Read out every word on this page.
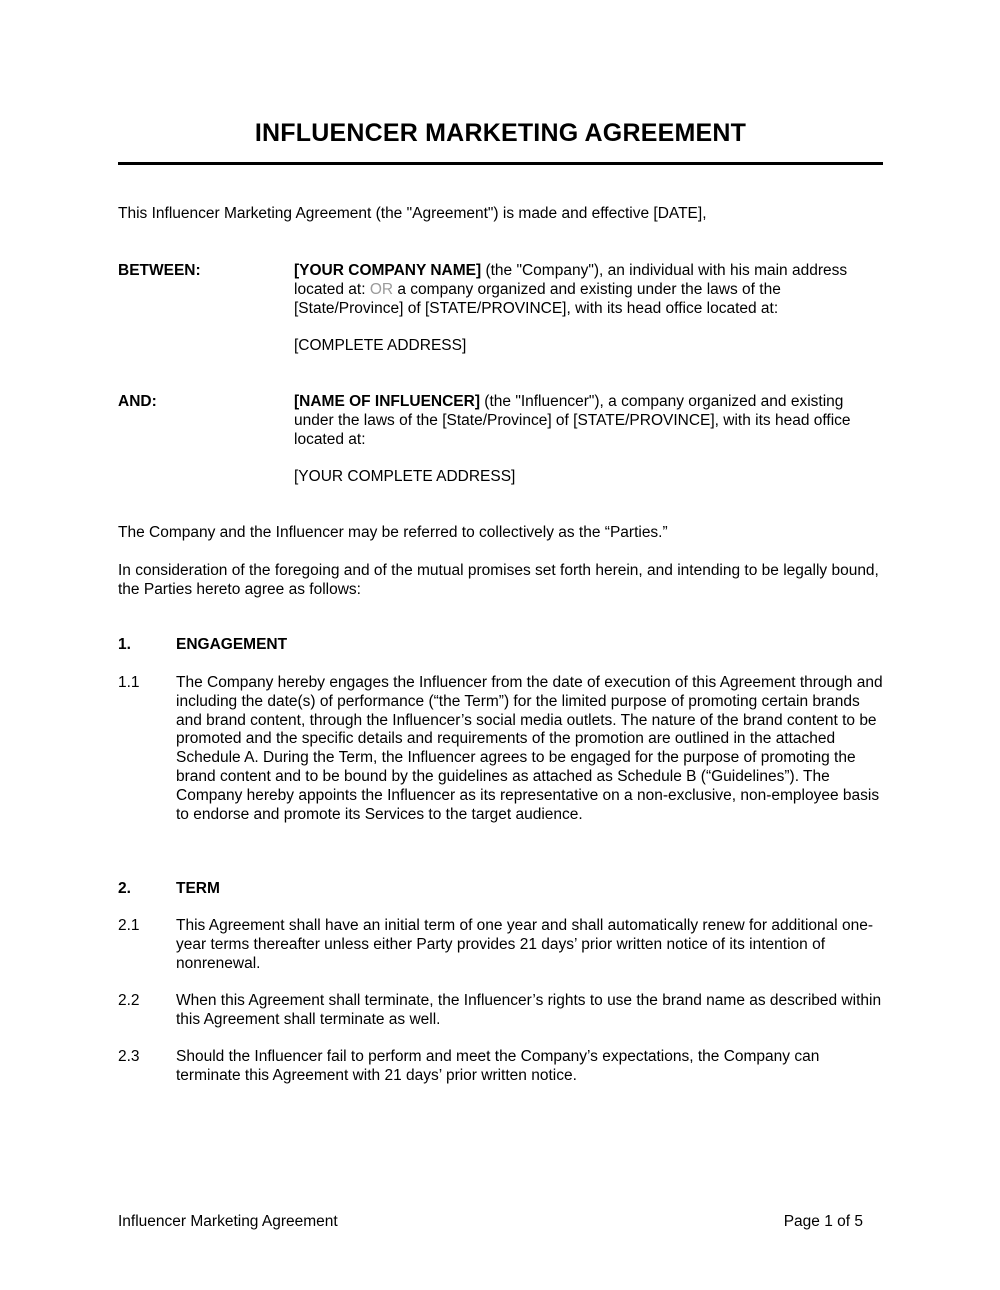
INFLUENCER MARKETING AGREEMENT
This Influencer Marketing Agreement (the "Agreement") is made and effective [DATE],
BETWEEN:	[YOUR COMPANY NAME] (the "Company"), an individual with his main address located at: OR a company organized and existing under the laws of the [State/Province] of [STATE/PROVINCE], with its head office located at:
[COMPLETE ADDRESS]
AND:	[NAME OF INFLUENCER] (the "Influencer"), a company organized and existing under the laws of the [State/Province] of [STATE/PROVINCE], with its head office located at:
[YOUR COMPLETE ADDRESS]
The Company and the Influencer may be referred to collectively as the “Parties.”
In consideration of the foregoing and of the mutual promises set forth herein, and intending to be legally bound, the Parties hereto agree as follows:
1.	ENGAGEMENT
1.1 The Company hereby engages the Influencer from the date of execution of this Agreement through and including the date(s) of performance (“the Term”) for the limited purpose of promoting certain brands and brand content, through the Influencer’s social media outlets. The nature of the brand content to be promoted and the specific details and requirements of the promotion are outlined in the attached Schedule A. During the Term, the Influencer agrees to be engaged for the purpose of promoting the brand content and to be bound by the guidelines as attached as Schedule B (“Guidelines”). The Company hereby appoints the Influencer as its representative on a non-exclusive, non-employee basis to endorse and promote its Services to the target audience.
2.	TERM
2.1 This Agreement shall have an initial term of one year and shall automatically renew for additional one-year terms thereafter unless either Party provides 21 days’ prior written notice of its intention of nonrenewal.
2.2 When this Agreement shall terminate, the Influencer’s rights to use the brand name as described within this Agreement shall terminate as well.
2.3 Should the Influencer fail to perform and meet the Company’s expectations, the Company can terminate this Agreement with 21 days’ prior written notice.
Influencer Marketing Agreement	Page 1 of 5
